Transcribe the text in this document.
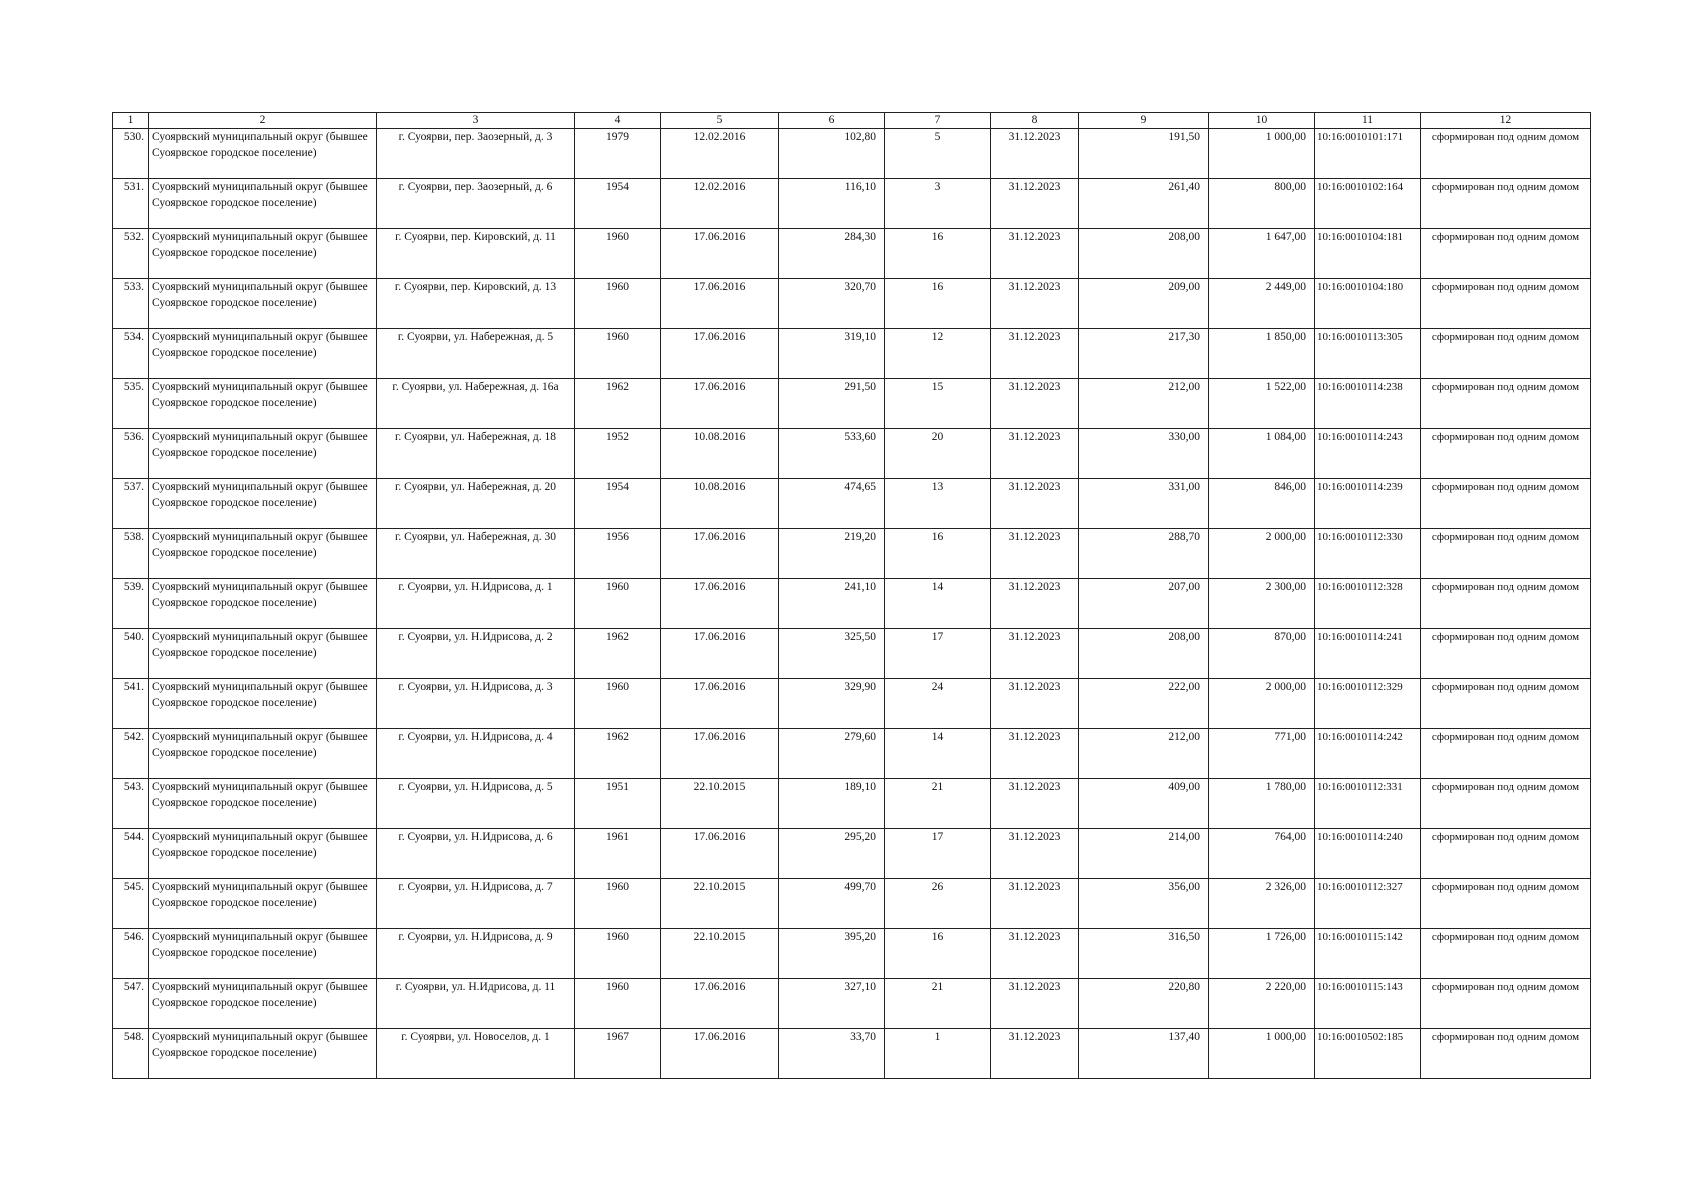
1	2	3	4	5	6	7	8	9	10	11	12
530.	Суоярвский муниципальный округ (бывшее Суоярвское городское поселение)	г. Суоярви, пер. Заозерный, д. 3	1979	12.02.2016	102,80	5	31.12.2023	191,50	1 000,00	10:16:0010101:171	сформирован под одним домом
531.	Суоярвский муниципальный округ (бывшее Суоярвское городское поселение)	г. Суоярви, пер. Заозерный, д. 6	1954	12.02.2016	116,10	3	31.12.2023	261,40	800,00	10:16:0010102:164	сформирован под одним домом
532.	Суоярвский муниципальный округ (бывшее Суоярвское городское поселение)	г. Суоярви, пер. Кировский, д. 11	1960	17.06.2016	284,30	16	31.12.2023	208,00	1 647,00	10:16:0010104:181	сформирован под одним домом
533.	Суоярвский муниципальный округ (бывшее Суоярвское городское поселение)	г. Суоярви, пер. Кировский, д. 13	1960	17.06.2016	320,70	16	31.12.2023	209,00	2 449,00	10:16:0010104:180	сформирован под одним домом
534.	Суоярвский муниципальный округ (бывшее Суоярвское городское поселение)	г. Суоярви, ул. Набережная, д. 5	1960	17.06.2016	319,10	12	31.12.2023	217,30	1 850,00	10:16:0010113:305	сформирован под одним домом
535.	Суоярвский муниципальный округ (бывшее Суоярвское городское поселение)	г. Суоярви, ул. Набережная, д. 16а	1962	17.06.2016	291,50	15	31.12.2023	212,00	1 522,00	10:16:0010114:238	сформирован под одним домом
536.	Суоярвский муниципальный округ (бывшее Суоярвское городское поселение)	г. Суоярви, ул. Набережная, д. 18	1952	10.08.2016	533,60	20	31.12.2023	330,00	1 084,00	10:16:0010114:243	сформирован под одним домом
537.	Суоярвский муниципальный округ (бывшее Суоярвское городское поселение)	г. Суоярви, ул. Набережная, д. 20	1954	10.08.2016	474,65	13	31.12.2023	331,00	846,00	10:16:0010114:239	сформирован под одним домом
538.	Суоярвский муниципальный округ (бывшее Суоярвское городское поселение)	г. Суоярви, ул. Набережная, д. 30	1956	17.06.2016	219,20	16	31.12.2023	288,70	2 000,00	10:16:0010112:330	сформирован под одним домом
539.	Суоярвский муниципальный округ (бывшее Суоярвское городское поселение)	г. Суоярви, ул. Н.Идрисова, д. 1	1960	17.06.2016	241,10	14	31.12.2023	207,00	2 300,00	10:16:0010112:328	сформирован под одним домом
540.	Суоярвский муниципальный округ (бывшее Суоярвское городское поселение)	г. Суоярви, ул. Н.Идрисова, д. 2	1962	17.06.2016	325,50	17	31.12.2023	208,00	870,00	10:16:0010114:241	сформирован под одним домом
541.	Суоярвский муниципальный округ (бывшее Суоярвское городское поселение)	г. Суоярви, ул. Н.Идрисова, д. 3	1960	17.06.2016	329,90	24	31.12.2023	222,00	2 000,00	10:16:0010112:329	сформирован под одним домом
542.	Суоярвский муниципальный округ (бывшее Суоярвское городское поселение)	г. Суоярви, ул. Н.Идрисова, д. 4	1962	17.06.2016	279,60	14	31.12.2023	212,00	771,00	10:16:0010114:242	сформирован под одним домом
543.	Суоярвский муниципальный округ (бывшее Суоярвское городское поселение)	г. Суоярви, ул. Н.Идрисова, д. 5	1951	22.10.2015	189,10	21	31.12.2023	409,00	1 780,00	10:16:0010112:331	сформирован под одним домом
544.	Суоярвский муниципальный округ (бывшее Суоярвское городское поселение)	г. Суоярви, ул. Н.Идрисова, д. 6	1961	17.06.2016	295,20	17	31.12.2023	214,00	764,00	10:16:0010114:240	сформирован под одним домом
545.	Суоярвский муниципальный округ (бывшее Суоярвское городское поселение)	г. Суоярви, ул. Н.Идрисова, д. 7	1960	22.10.2015	499,70	26	31.12.2023	356,00	2 326,00	10:16:0010112:327	сформирован под одним домом
546.	Суоярвский муниципальный округ (бывшее Суоярвское городское поселение)	г. Суоярви, ул. Н.Идрисова, д. 9	1960	22.10.2015	395,20	16	31.12.2023	316,50	1 726,00	10:16:0010115:142	сформирован под одним домом
547.	Суоярвский муниципальный округ (бывшее Суоярвское городское поселение)	г. Суоярви, ул. Н.Идрисова, д. 11	1960	17.06.2016	327,10	21	31.12.2023	220,80	2 220,00	10:16:0010115:143	сформирован под одним домом
548.	Суоярвский муниципальный округ (бывшее Суоярвское городское поселение)	г. Суоярви, ул. Новоселов, д. 1	1967	17.06.2016	33,70	1	31.12.2023	137,40	1 000,00	10:16:0010502:185	сформирован под одним домом
